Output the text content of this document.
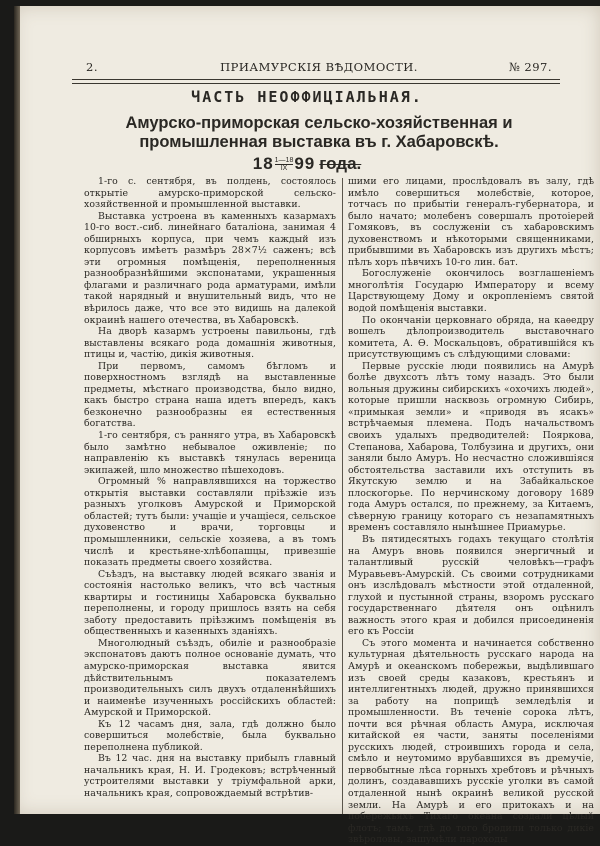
2.	ПРИАМУРСКІЯ ВѢДОМОСТИ.	№ 297.
ЧАСТЬ НЕОФФИЦІАЛЬНАЯ.
Амурско-приморская сельско-хозяйственная и промышленная выставка въ г. Хабаровскѣ.
$18 \frac{1—18}{IX} 99$ года.

1-го с. сентября, въ полдень, состоялось открытіе амурско-приморской сельско-хозяйственной и промышленной выставки.

Выставка устроена въ каменныхъ казармахъ 10-го вост.-сиб. линейнаго баталіона, занимая 4 обширныхъ корпуса, при чемъ каждый изъ корпусовъ имѣетъ размѣръ 28×7½ саженъ; всѣ эти огромныя помѣщенія, переполненныя разнообразнѣйшими экспонатами, украшенныя флагами и различнаго рода арматурами, имѣли такой нарядный и внушительный видъ, что не вѣрилось даже, что все это видишь на далекой окраинѣ нашего отечества, въ Хабаровскѣ.

На дворѣ казармъ устроены павильоны, гдѣ выставлены всякаго рода домашнія животныя, птицы и, частію, дикія животныя.

При первомъ, самомъ бѣгломъ и поверхностномъ взглядѣ на выставленные предметы, мѣстнаго производства, было видно, какъ быстро страна наша идетъ впередъ, какъ безконечно разнообразны ея естественныя богатства.

1-го сентября, съ ранняго утра, въ Хабаровскѣ было замѣтно небывалое оживленіе; по направленію къ выставкѣ тянулась вереница экипажей, шло множество пѣшеходовъ.

Огромный % направлявшихся на торжество открытія выставки составляли пріѣзжіе изъ разныхъ уголковъ Амурской и Приморской областей; тутъ были: учащіе и учащіеся, сельское духовенство и врачи, торговцы и промышленники, сельскіе хозяева, а въ томъ числѣ и крестьяне-хлѣбопашцы, привезшіе показать предметы своего хозяйства.

Съѣздъ, на выставку людей всякаго званія и состоянія настолько великъ, что всѣ частныя квартиры и гостиницы Хабаровска буквально переполнены, и городу пришлось взять на себя заботу предоставить пріѣзжимъ помѣщенія въ общественныхъ и казенныхъ зданіяхъ.

Многолюдный съѣздъ, обиліе и разнообразіе экспонатовъ даютъ полное основаніе думать, что амурско-приморская выставка явится дѣйствительнымъ показателемъ производительныхъ силъ двухъ отдаленнѣйшихъ и наименѣе изученныхъ россійскихъ областей: Амурской и Приморской.

Къ 12 часамъ дня, зала, гдѣ должно было совершиться молебствіе, была буквально переполнена публикой.

Въ 12 час. дня на выставку прибылъ главный начальникъ края, Н. И. Гродековъ; встрѣченный устроителями выставки у тріумфальной арки, начальникъ края, сопровождаемый встрѣтив-

шими его лицами, прослѣдовалъ въ залу, гдѣ имѣло совершиться молебствіе, которое, тотчасъ по прибытіи генералъ-губернатора, и было начато; молебенъ совершалъ протоіерей Гомяковъ, въ сослуженіи съ хабаровскимъ духовенствомъ и нѣкоторыми священниками, прибывшими въ Хабаровскъ изъ другихъ мѣстъ; пѣлъ хоръ пѣвчихъ 10-го лин. бат.

Богослуженіе окончилось возглашеніемъ многолѣтія Государю Императору и всему Царствующему Дому и окропленіемъ святой водой помѣщенія выставки.

По окончаніи церковнаго обряда, на каѳедру вошелъ дѣлопроизводитель выставочнаго комитета, А. Ѳ. Москальцовъ, обратившійся къ присутствующимъ съ слѣдующими словами:

Первые русскіе люди появились на Амурѣ болѣе двухсотъ лѣтъ тому назадъ. Это были вольныя дружины сибирскихъ «охочихъ людей», которые пришли насквозь огромную Сибирь, «примыкая земли» и «приводя въ ясакъ» встрѣчаемыя племена. Подъ начальствомъ своихъ удалыхъ предводителей: Пояркова, Степанова, Хабарова, Толбузина и другихъ, они заняли было Амуръ. Но несчастно сложившіяся обстоятельства заставили ихъ отступить въ Якутскую землю и на Забайкальское плоскогорье. По нерчинскому договору 1689 года Амуръ остался, по прежнему, за Китаемъ, сѣверную границу котораго съ незапамятныхъ временъ составляло нынѣшнее Приамурье.

Въ пятидесятыхъ годахъ текущаго столѣтія на Амуръ вновь появился энергичный и талантливый русскій человѣкъ—графъ Муравьевъ-Амурскій. Съ своими сотрудниками онъ изслѣдовалъ мѣстности этой отдаленной, глухой и пустынной страны, взоромъ русскаго государственнаго дѣятеля онъ оцѣнилъ важность этого края и добился присоединенія его къ Россіи

Съ этого момента и начинается собственно культурная дѣятельность русскаго народа на Амурѣ и океанскомъ побережьи, выдѣлившаго изъ своей среды казаковъ, крестьянъ и интеллигентныхъ людей, дружно принявшихся за работу на поприщѣ земледѣлія и промышленности. Въ теченіе сорока лѣтъ, почти вся рѣчная область Амура, исключая китайской ея части, заняты поселеніями русскихъ людей, строившихъ города и села, смѣло и неутомимо врубавшихся въ дремучіе, первобытные лѣса горныхъ хребтовъ и рѣчныхъ долинъ, создававшихъ русскіе уголки въ самой отдаленной нынѣ окраинѣ великой русской земли. На Амурѣ и его притокахъ и на побережьяхъ Тихаго океана создали цѣлый флотъ; тамъ, гдѣ до того бродили только дикіе звѣроловы, зашумѣли пароходы
